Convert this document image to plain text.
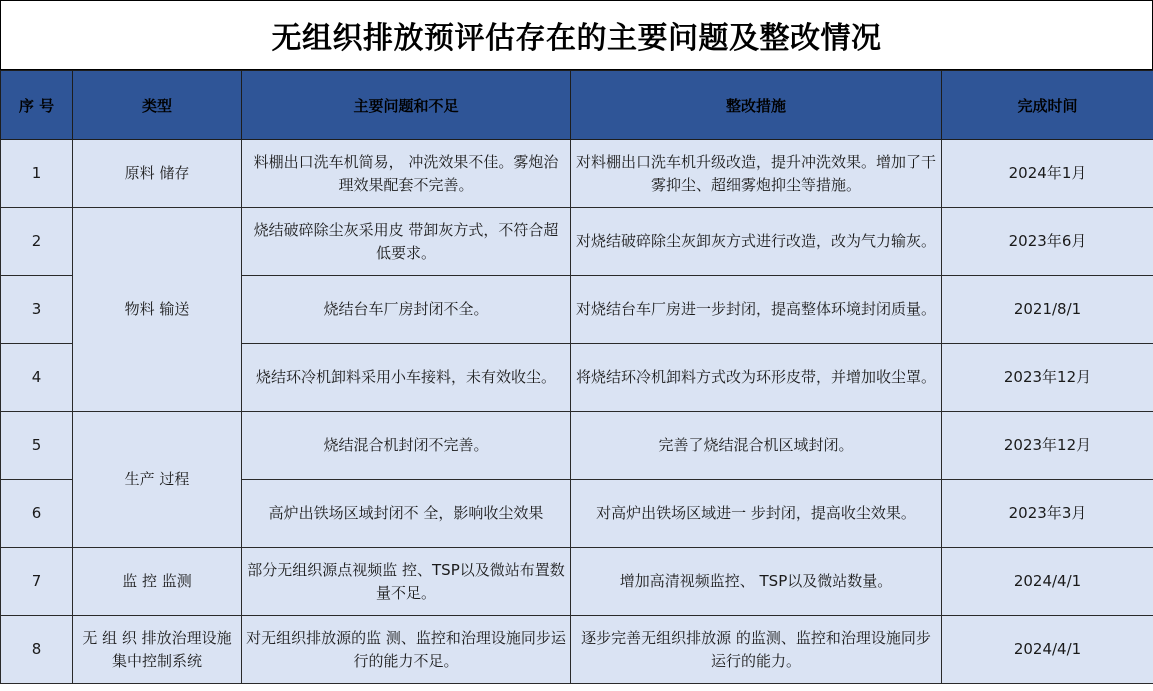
无组织排放预评估存在的主要问题及整改情况
序 号	类型	主要问题和不足	整改措施	完成时间
1	原料 储存	料棚出口洗车机简易， 冲洗效果不佳。雾炮治 理效果配套不完善。	对料棚出口洗车机升级改造，提升冲洗效果。增加了干雾抑尘、超细雾炮抑尘等措施。	2024年1月
2	物料 输送	烧结破碎除尘灰采用皮 带卸灰方式，不符合超 低要求。	对烧结破碎除尘灰卸灰方式进行改造，改为气力输灰。	2023年6月
3		烧结台车厂房封闭不全。	对烧结台车厂房进一步封闭，提高整体环境封闭质量。	2021/8/1
4		烧结环冷机卸料采用小车接料，未有效收尘。	将烧结环冷机卸料方式改为环形皮带，并增加收尘罩。	2023年12月
5	生产 过程	烧结混合机封闭不完善。	完善了烧结混合机区域封闭。	2023年12月
6		高炉出铁场区域封闭不 全，影响收尘效果	对高炉出铁场区域进一 步封闭，提高收尘效果。	2023年3月
7	监 控 监测	部分无组织源点视频监 控、TSP以及微站布置数量不足。	增加高清视频监控、 TSP以及微站数量。	2024/4/1
8	无 组 织 排放治理设施集中控制系统	对无组织排放源的监 测、监控和治理设施同步运行的能力不足。	逐步完善无组织排放源 的监测、监控和治理设施同步运行的能力。	2024/4/1
